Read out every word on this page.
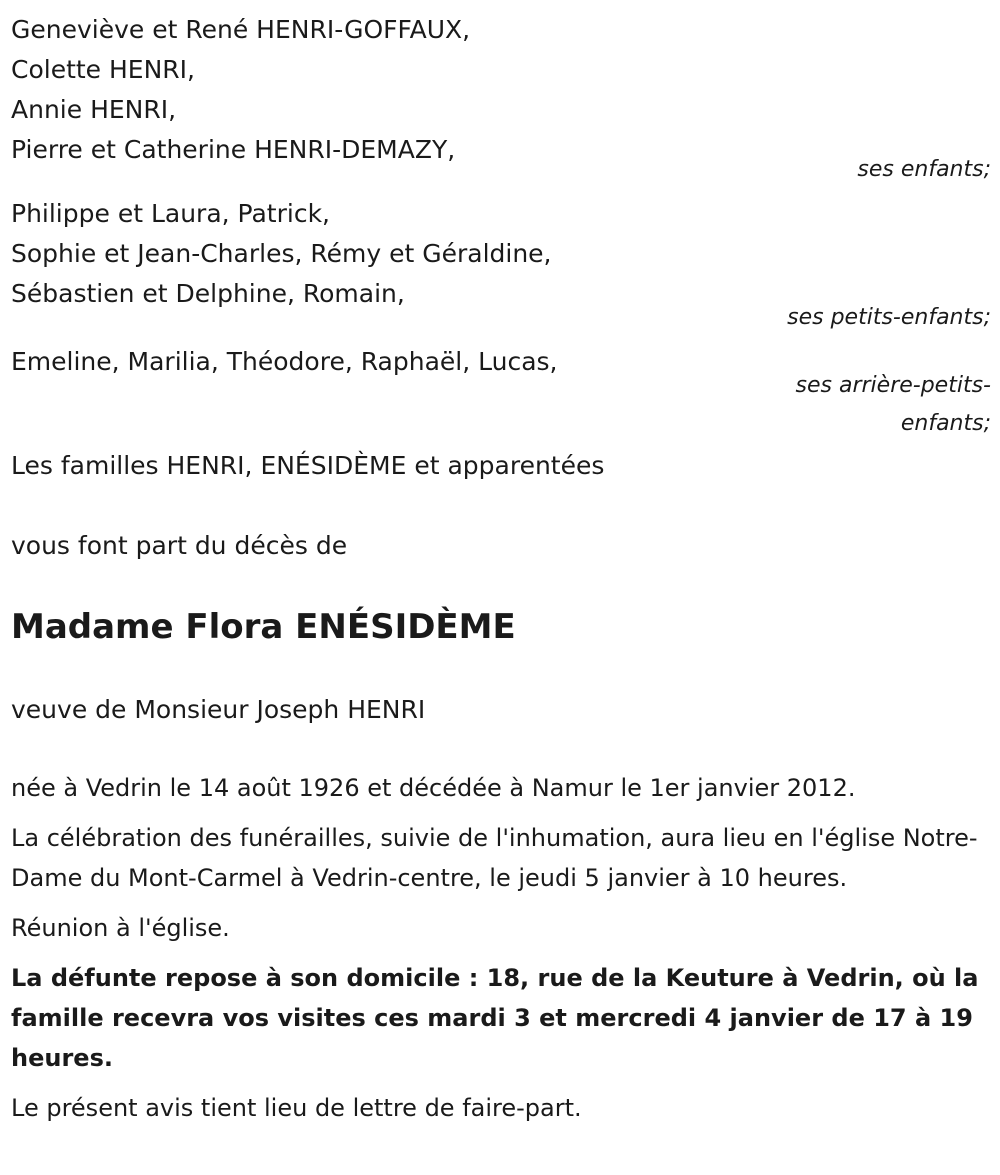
Geneviève et René HENRI-GOFFAUX,
Colette HENRI,
Annie HENRI,
Pierre et Catherine HENRI-DEMAZY,
ses enfants;
Philippe et Laura, Patrick,
Sophie et Jean-Charles, Rémy et Géraldine,
Sébastien et Delphine, Romain,
ses petits-enfants;
Emeline, Marilia, Théodore, Raphaël, Lucas,
ses arrière-petits-
enfants;
Les familles HENRI, ENÉSIDÈME et apparentées
vous font part du décès de
Madame Flora ENÉSIDÈME
veuve de Monsieur Joseph HENRI
née à Vedrin le 14 août 1926 et décédée à Namur le 1er janvier 2012.
La célébration des funérailles, suivie de l'inhumation, aura lieu en l'église Notre-Dame du Mont-Carmel à Vedrin-centre, le jeudi 5 janvier à 10 heures.
Réunion à l'église.
La défunte repose à son domicile : 18, rue de la Keuture à Vedrin, où la famille recevra vos visites ces mardi 3 et mercredi 4 janvier de 17 à 19 heures.
Le présent avis tient lieu de lettre de faire-part.
